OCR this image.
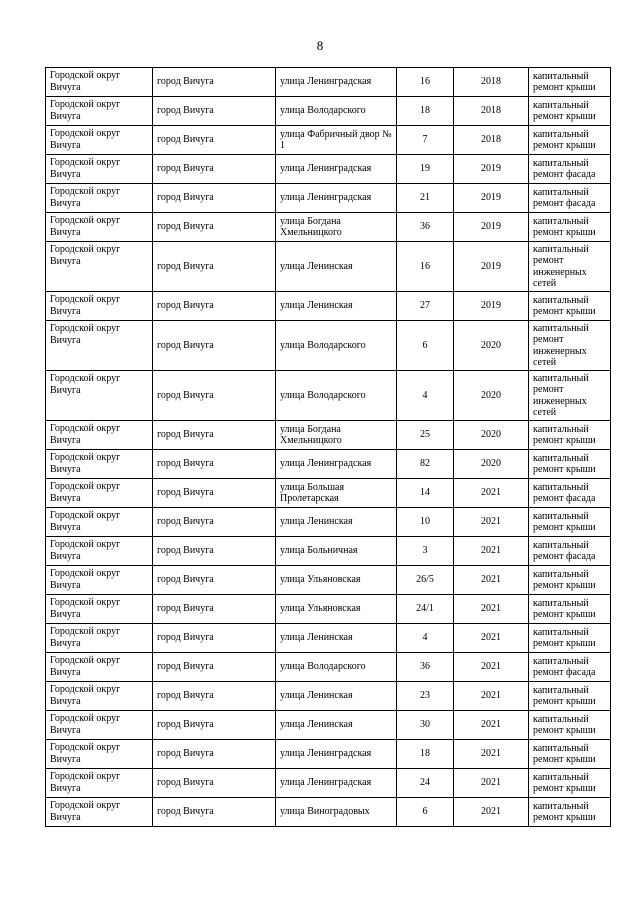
8
Городской округ Вичуга	город Вичуга	улица Ленинградская	16	2018	капитальный ремонт крыши
Городской округ Вичуга	город Вичуга	улица Володарского	18	2018	капитальный ремонт крыши
Городской округ Вичуга	город Вичуга	улица Фабричный двор № 1	7	2018	капитальный ремонт крыши
Городской округ Вичуга	город Вичуга	улица Ленинградская	19	2019	капитальный ремонт фасада
Городской округ Вичуга	город Вичуга	улица Ленинградская	21	2019	капитальный ремонт фасада
Городской округ Вичуга	город Вичуга	улица Богдана Хмельницкого	36	2019	капитальный ремонт крыши
Городской округ Вичуга	город Вичуга	улица Ленинская	16	2019	капитальный ремонт инженерных сетей
Городской округ Вичуга	город Вичуга	улица Ленинская	27	2019	капитальный ремонт крыши
Городской округ Вичуга	город Вичуга	улица Володарского	6	2020	капитальный ремонт инженерных сетей
Городской округ Вичуга	город Вичуга	улица Володарского	4	2020	капитальный ремонт инженерных сетей
Городской округ Вичуга	город Вичуга	улица Богдана Хмельницкого	25	2020	капитальный ремонт крыши
Городской округ Вичуга	город Вичуга	улица Ленинградская	82	2020	капитальный ремонт крыши
Городской округ Вичуга	город Вичуга	улица Большая Пролетарская	14	2021	капитальный ремонт фасада
Городской округ Вичуга	город Вичуга	улица Ленинская	10	2021	капитальный ремонт крыши
Городской округ Вичуга	город Вичуга	улица Больничная	3	2021	капитальный ремонт фасада
Городской округ Вичуга	город Вичуга	улица Ульяновская	26/5	2021	капитальный ремонт крыши
Городской округ Вичуга	город Вичуга	улица Ульяновская	24/1	2021	капитальный ремонт крыши
Городской округ Вичуга	город Вичуга	улица Ленинская	4	2021	капитальный ремонт крыши
Городской округ Вичуга	город Вичуга	улица Володарского	36	2021	капитальный ремонт фасада
Городской округ Вичуга	город Вичуга	улица Ленинская	23	2021	капитальный ремонт крыши
Городской округ Вичуга	город Вичуга	улица Ленинская	30	2021	капитальный ремонт крыши
Городской округ Вичуга	город Вичуга	улица Ленинградская	18	2021	капитальный ремонт крыши
Городской округ Вичуга	город Вичуга	улица Ленинградская	24	2021	капитальный ремонт крыши
Городской округ Вичуга	город Вичуга	улица Виноградовых	6	2021	капитальный ремонт крыши
